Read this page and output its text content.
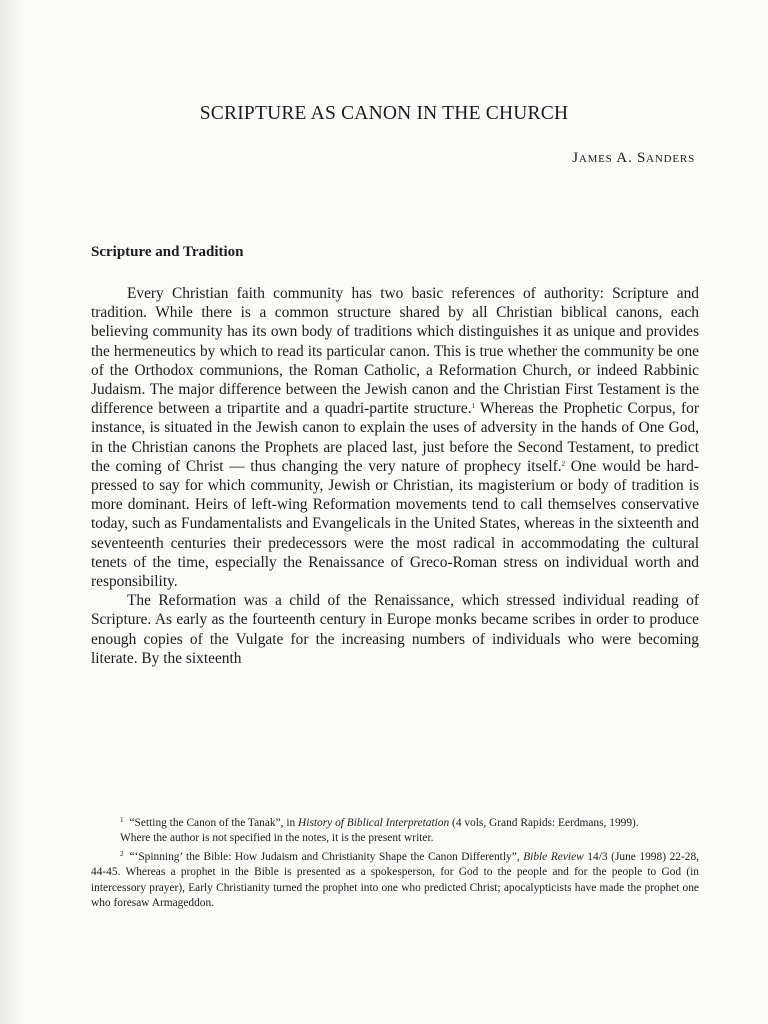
SCRIPTURE AS CANON IN THE CHURCH
James A. Sanders
Scripture and Tradition

Every Christian faith community has two basic references of authority: Scripture and tradition. While there is a common structure shared by all Christian biblical canons, each believing community has its own body of traditions which distinguishes it as unique and provides the hermeneutics by which to read its particular canon. This is true whether the community be one of the Orthodox communions, the Roman Catholic, a Reformation Church, or indeed Rabbinic Judaism. The major difference between the Jewish canon and the Christian First Testament is the difference between a tripartite and a quadri-partite structure.$^1$ Whereas the Prophetic Corpus, for instance, is situated in the Jewish canon to explain the uses of adversity in the hands of One God, in the Christian canons the Prophets are placed last, just before the Second Testament, to predict the coming of Christ — thus changing the very nature of prophecy itself.$^2$ One would be hard-pressed to say for which community, Jewish or Christian, its magisterium or body of tradition is more dominant. Heirs of left-wing Reformation movements tend to call themselves conservative today, such as Fundamentalists and Evangelicals in the United States, whereas in the sixteenth and seventeenth centuries their predecessors were the most radical in accommodating the cultural tenets of the time, especially the Renaissance of Greco-Roman stress on individual worth and responsibility.

The Reformation was a child of the Renaissance, which stressed individual reading of Scripture. As early as the fourteenth century in Europe monks became scribes in order to produce enough copies of the Vulgate for the increasing numbers of individuals who were becoming literate. By the sixteenth

$^1$ “Setting the Canon of the Tanak”, in History of Biblical Interpretation (4 vols, Grand Rapids: Eerdmans, 1999).

Where the author is not specified in the notes, it is the present writer.

$^2$ “‘Spinning’ the Bible: How Judaism and Christianity Shape the Canon Differently”, Bible Review 14/3 (June 1998) 22-28, 44-45. Whereas a prophet in the Bible is presented as a spokesperson, for God to the people and for the people to God (in intercessory prayer), Early Christianity turned the prophet into one who predicted Christ; apocalypticists have made the prophet one who foresaw Armageddon.
